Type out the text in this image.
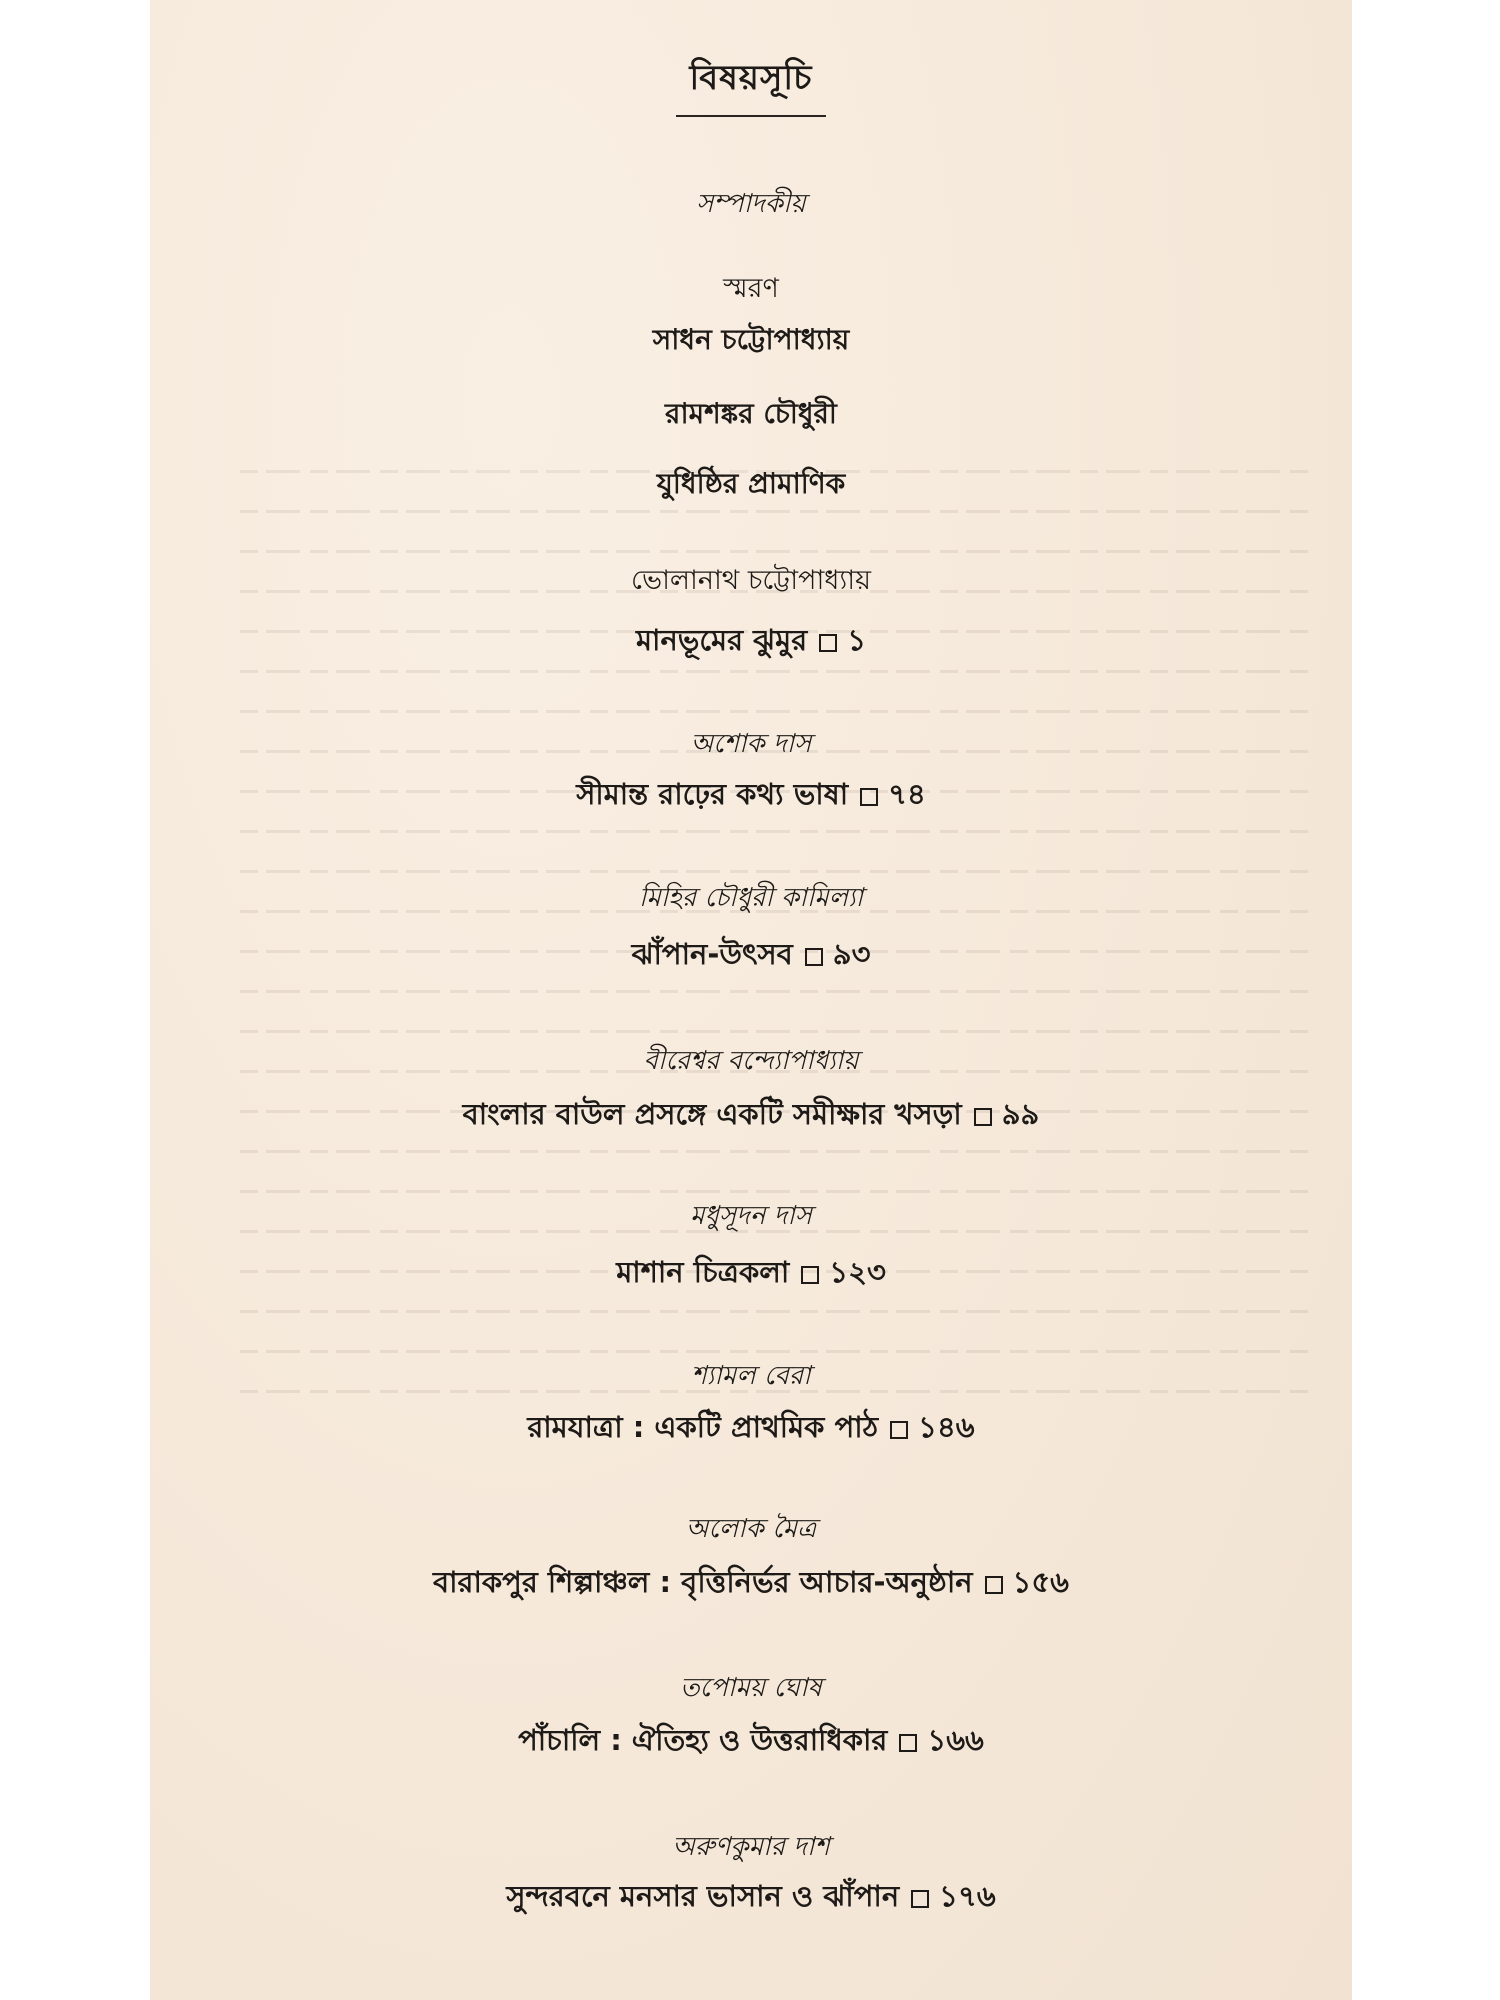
বিষয়সূচি
সম্পাদকীয়
স্মরণ
সাধন চট্টোপাধ্যায়
রামশঙ্কর চৌধুরী
যুধিষ্ঠির প্রামাণিক
ভোলানাথ চট্টোপাধ্যায়
মানভূমের ঝুমুর ১
অশোক দাস
সীমান্ত রাঢ়ের কথ্য ভাষা ৭৪
মিহির চৌধুরী কামিল্যা
ঝাঁপান-উৎসব ৯৩
বীরেশ্বর বন্দ্যোপাধ্যায়
বাংলার বাউল প্রসঙ্গে একটি সমীক্ষার খসড়া ৯৯
মধুসূদন দাস
মাশান চিত্রকলা ১২৩
শ্যামল বেরা
রামযাত্রা : একটি প্রাথমিক পাঠ ১৪৬
অলোক মৈত্র
বারাকপুর শিল্পাঞ্চল : বৃত্তিনির্ভর আচার-অনুষ্ঠান ১৫৬
তপোময় ঘোষ
পাঁচালি : ঐতিহ্য ও উত্তরাধিকার ১৬৬
অরুণকুমার দাশ
সুন্দরবনে মনসার ভাসান ও ঝাঁপান ১৭৬
